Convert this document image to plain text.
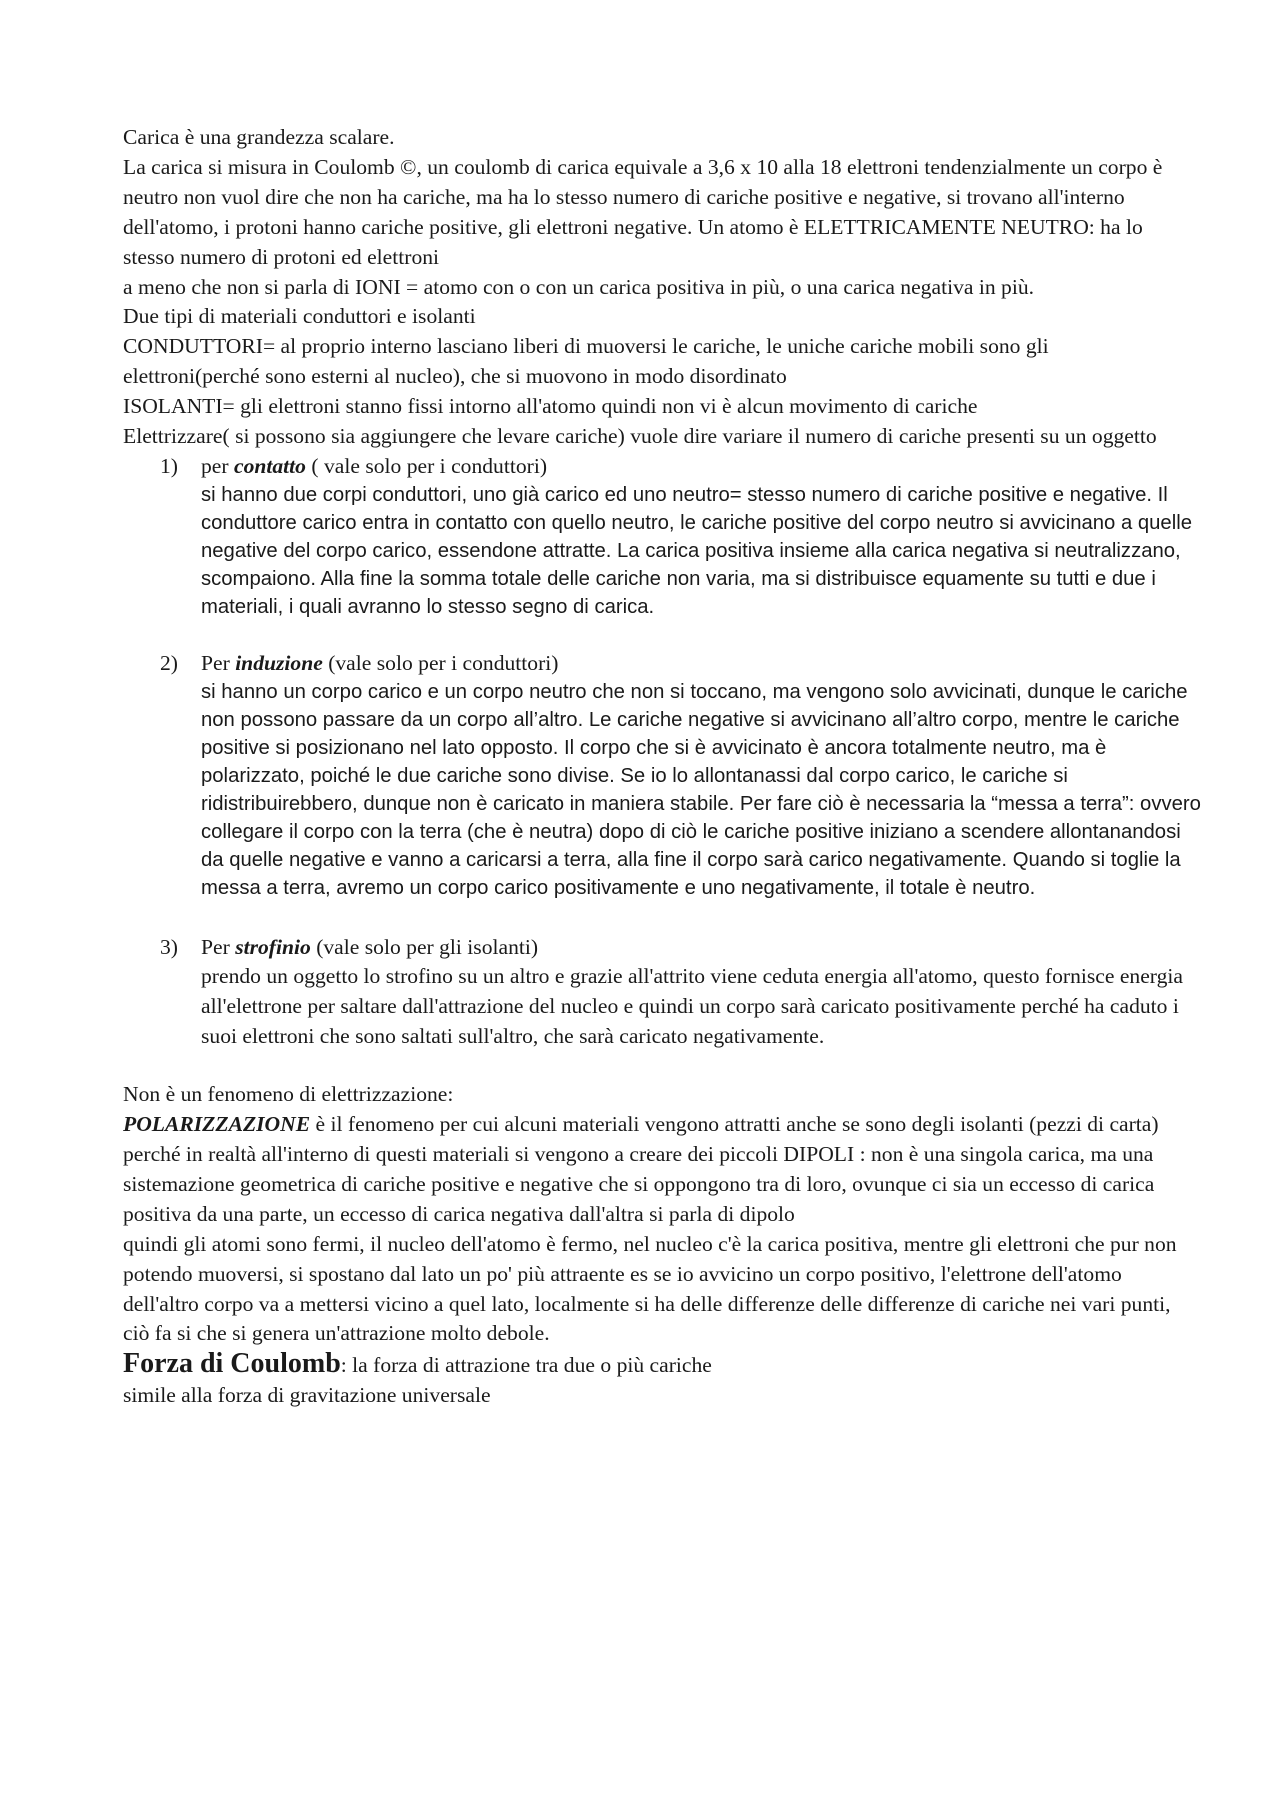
Carica è una grandezza scalare.

La carica si misura in Coulomb ©, un coulomb di carica equivale a 3,6 x 10 alla 18 elettroni tendenzialmente un corpo è neutro non vuol dire che non ha cariche, ma ha lo stesso numero di cariche positive e negative, si trovano all'interno dell'atomo, i protoni hanno cariche positive, gli elettroni negative. Un atomo è ELETTRICAMENTE NEUTRO: ha lo stesso numero di protoni ed elettroni

a meno che non si parla di IONI = atomo con o con un carica positiva in più, o una carica negativa in più.

Due tipi di materiali conduttori e isolanti

CONDUTTORI= al proprio interno lasciano liberi di muoversi le cariche, le uniche cariche mobili sono gli elettroni(perché sono esterni al nucleo), che si muovono in modo disordinato

ISOLANTI= gli elettroni stanno fissi intorno all'atomo quindi non vi è alcun movimento di cariche

Elettrizzare( si possono sia aggiungere che levare cariche) vuole dire variare il numero di cariche presenti su un oggetto

1) per contatto ( vale solo per i conduttori)

si hanno due corpi conduttori, uno già carico ed uno neutro= stesso numero di cariche positive e negative. Il conduttore carico entra in contatto con quello neutro, le cariche positive del corpo neutro si avvicinano a quelle negative del corpo carico, essendone attratte. La carica positiva insieme alla carica negativa si neutralizzano, scompaiono. Alla fine la somma totale delle cariche non varia, ma si distribuisce equamente su tutti e due i materiali, i quali avranno lo stesso segno di carica.

2) Per induzione (vale solo per i conduttori)

si hanno un corpo carico e un corpo neutro che non si toccano, ma vengono solo avvicinati, dunque le cariche non possono passare da un corpo all’altro. Le cariche negative si avvicinano all’altro corpo, mentre le cariche positive si posizionano nel lato opposto. Il corpo che si è avvicinato è ancora totalmente neutro, ma è polarizzato, poiché le due cariche sono divise. Se io lo allontanassi dal corpo carico, le cariche si ridistribuirebbero, dunque non è caricato in maniera stabile. Per fare ciò è necessaria la “messa a terra”: ovvero collegare il corpo con la terra (che è neutra) dopo di ciò le cariche positive iniziano a scendere allontanandosi da quelle negative e vanno a caricarsi a terra, alla fine il corpo sarà carico negativamente. Quando si toglie la messa a terra, avremo un corpo carico positivamente e uno negativamente, il totale è neutro.

3) Per strofinio (vale solo per gli isolanti)

prendo un oggetto lo strofino su un altro e grazie all'attrito viene ceduta energia all'atomo, questo fornisce energia all'elettrone per saltare dall'attrazione del nucleo e quindi un corpo sarà caricato positivamente perché ha caduto i suoi elettroni che sono saltati sull'altro, che sarà caricato negativamente.

Non è un fenomeno di elettrizzazione:

POLARIZZAZIONE è il fenomeno per cui alcuni materiali vengono attratti anche se sono degli isolanti (pezzi di carta) perché in realtà all'interno di questi materiali si vengono a creare dei piccoli DIPOLI : non è una singola carica, ma una sistemazione geometrica di cariche positive e negative che si oppongono tra di loro, ovunque ci sia un eccesso di carica positiva da una parte, un eccesso di carica negativa dall'altra si parla di dipolo

quindi gli atomi sono fermi, il nucleo dell'atomo è fermo, nel nucleo c'è la carica positiva, mentre gli elettroni che pur non potendo muoversi, si spostano dal lato un po' più attraente es se io avvicino un corpo positivo, l'elettrone dell'atomo dell'altro corpo va a mettersi vicino a quel lato, localmente si ha delle differenze delle differenze di cariche nei vari punti, ciò fa si che si genera un'attrazione molto debole.

Forza di Coulomb: la forza di attrazione tra due o più cariche

simile alla forza di gravitazione universale
